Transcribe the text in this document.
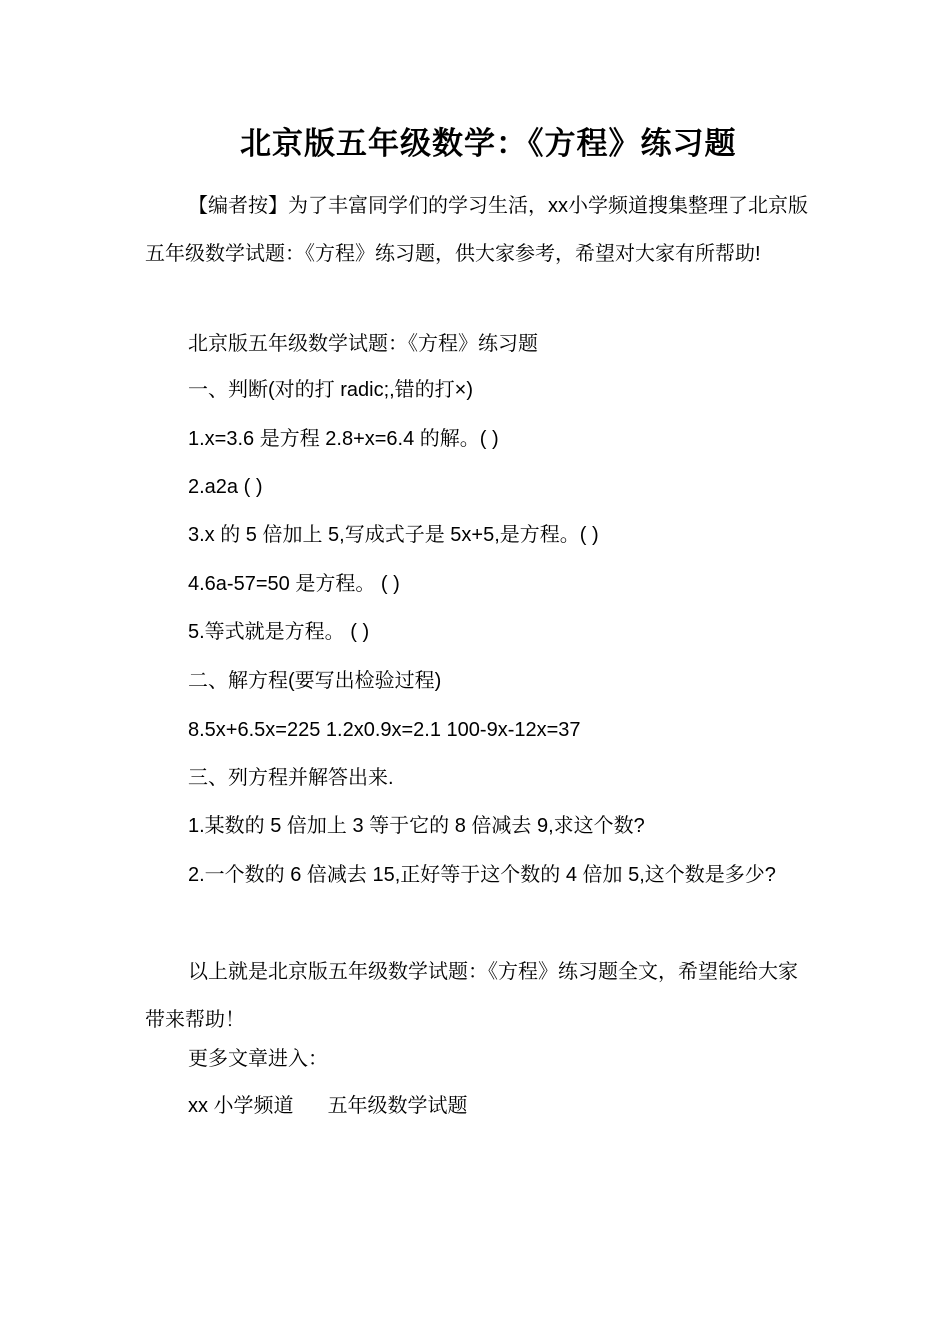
北京版五年级数学：《方程》练习题

【编者按】为了丰富同学们的学习生活，xx小学频道搜集整理了北京版五年级数学试题：《方程》练习题，供大家参考，希望对大家有所帮助!

北京版五年级数学试题：《方程》练习题

一、判断(对的打 radic;,错的打×)

1.x=3.6 是方程 2.8+x=6.4 的解。( )

2.a2a ( )

3.x 的 5 倍加上 5,写成式子是 5x+5,是方程。( )

4.6a-57=50 是方程。 ( )

5.等式就是方程。 ( )

二、解方程(要写出检验过程)

8.5x+6.5x=225 1.2x0.9x=2.1 100-9x-12x=37

三、列方程并解答出来.

1.某数的 5 倍加上 3 等于它的 8 倍减去 9,求这个数?

2.一个数的 6 倍减去 15,正好等于这个数的 4 倍加 5,这个数是多少?

以上就是北京版五年级数学试题：《方程》练习题全文，希望能给大家带来帮助！

更多文章进入：

xx 小学频道 五年级数学试题
